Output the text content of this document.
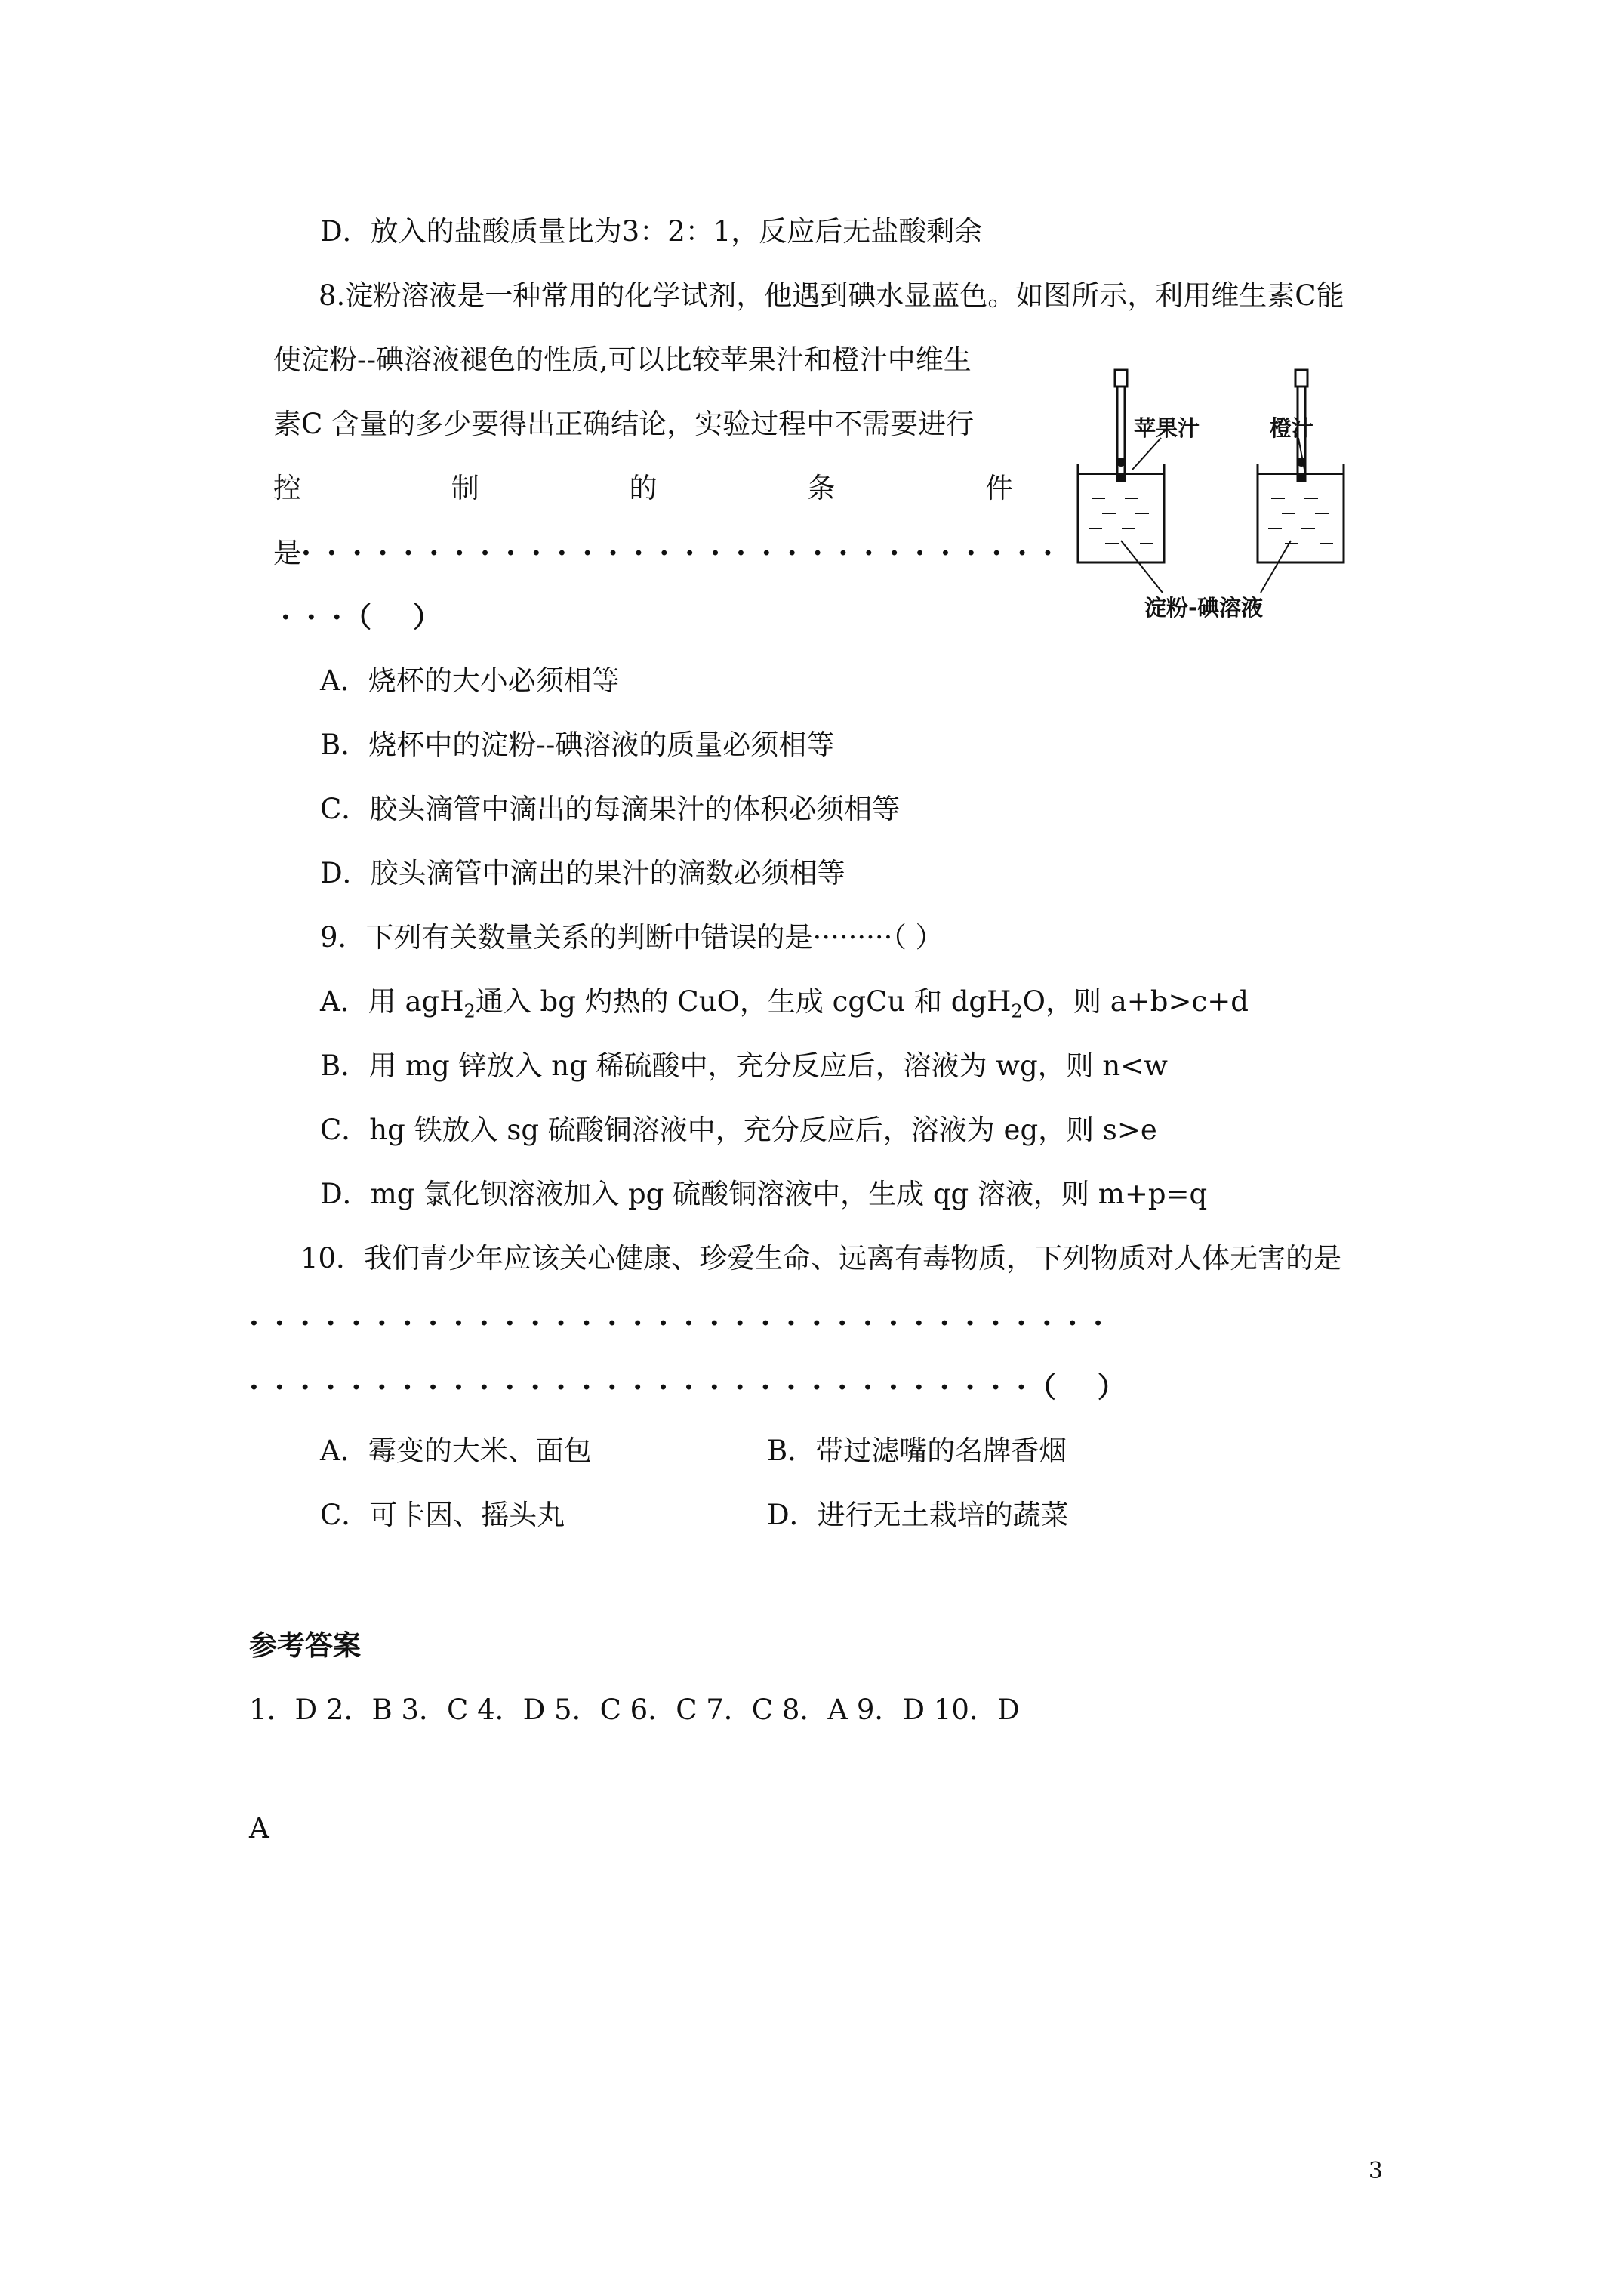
D．放入的盐酸质量比为3：2：1，反应后无盐酸剩余
8.淀粉溶液是一种常用的化学试剂，他遇到碘水显蓝色。如图所示，利用维生素C能
使淀粉--碘溶液褪色的性质,可以比较苹果汁和橙汁中维生
素C 含量的多少要得出正确结论，实验过程中不需要进行
控	制	的	条	件
是······························
···（ ）
苹果汁	橙汁
淀粉-碘溶液
A．烧杯的大小必须相等
B．烧杯中的淀粉--碘溶液的质量必须相等
C．胶头滴管中滴出的每滴果汁的体积必须相等
D．胶头滴管中滴出的果汁的滴数必须相等
9．下列有关数量关系的判断中错误的是·········（ ）
A．用 agH$_2$通入 bg 灼热的 CuO，生成 cgCu 和 dgH$_2$O，则 a+b>c+d
B．用 mg 锌放入 ng 稀硫酸中，充分反应后，溶液为 wg，则 n<w
C．hg 铁放入 sg 硫酸铜溶液中，充分反应后，溶液为 eg，则 s>e
D．mg 氯化钡溶液加入 pg 硫酸铜溶液中，生成 qg 溶液，则 m+p=q
10．我们青少年应该关心健康、珍爱生命、远离有毒物质，下列物质对人体无害的是
··································
·······························（ ）
A．霉变的大米、面包	B．带过滤嘴的名牌香烟
C．可卡因、摇头丸	D．进行无土栽培的蔬菜
参考答案
1．D 2．B 3．C 4．D 5．C 6．C 7．C 8．A 9．D 10．D
A
3
